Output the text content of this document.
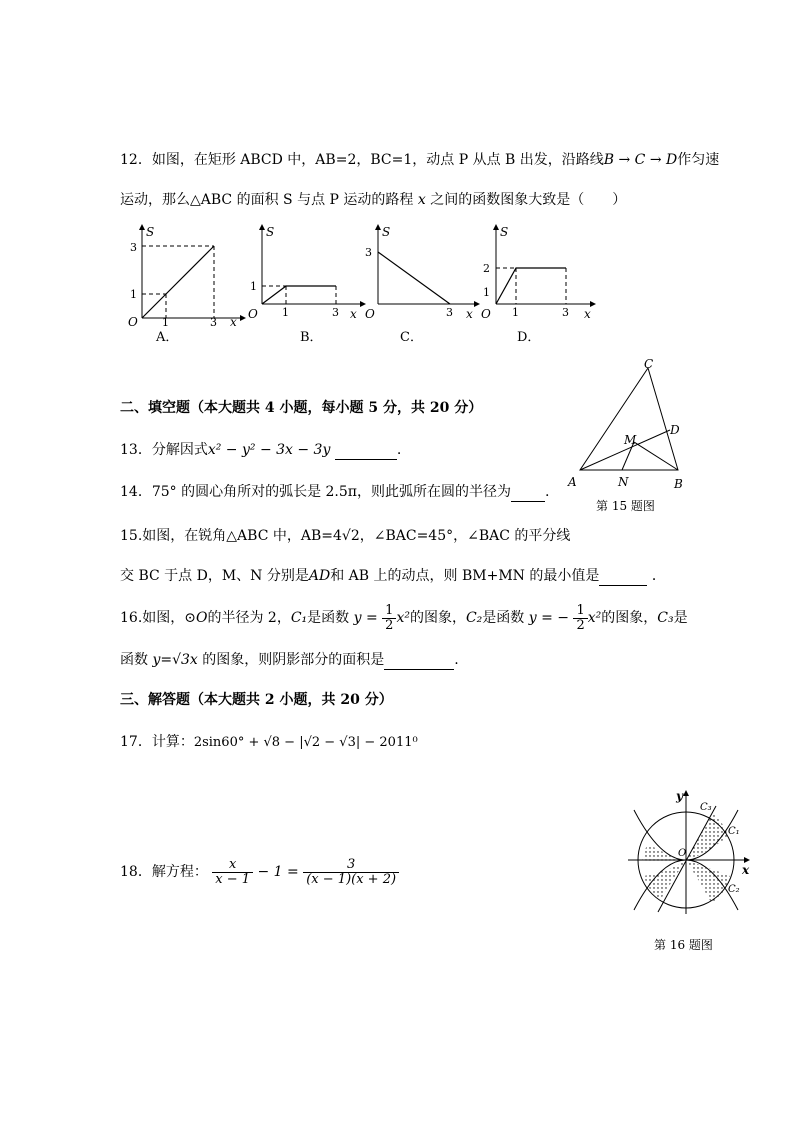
12．如图，在矩形 ABCD 中，AB=2，BC=1，动点 P 从点 B 出发，沿路线B → C → D作匀速
运动，那么△ABC 的面积 S 与点 P 运动的路程 x 之间的函数图象大致是（　　）
S
3
1
O 1	3 x
S
1
O 1	3 x
S
3
O	3 x
S
2
1
O 1	3 x
A．	B．	C．	D．
二、填空题（本大题共 4 小题，每小题 5 分，共 20 分）
13．分解因式x² − y² − 3x − 3y	.
14．75° 的圆心角所对的弧长是 2.5π，则此弧所在圆的半径为 .
15.如图，在锐角△ABC 中，AB=4√2，∠BAC=45°，∠BAC 的平分线
交 BC 于点 D，M、N 分别是AD和 AB 上的动点，则 BM+MN 的最小值是	．
16.如图，⊙O的半径为 2，C₁是函数 $y = \frac{1}{2} x^2$的图象，C₂是函数 y = − $\frac{1}{2} x^2$的图象，C₃是
函数 y=√3x 的图象，则阴影部分的面积是	.
三、解答题（本大题共 2 小题，共 20 分）
17．计算：2sin60° + √8 − |√2 − √3| − 2011⁰
18．解方程： $\frac{x}{x - 1} - 1 = \frac{3}{(x - 1)(x + 2)}$
C
D
M
A	N	B
第 15 题图
y
x
O
C₃
C₁
C₂
第 16 题图
